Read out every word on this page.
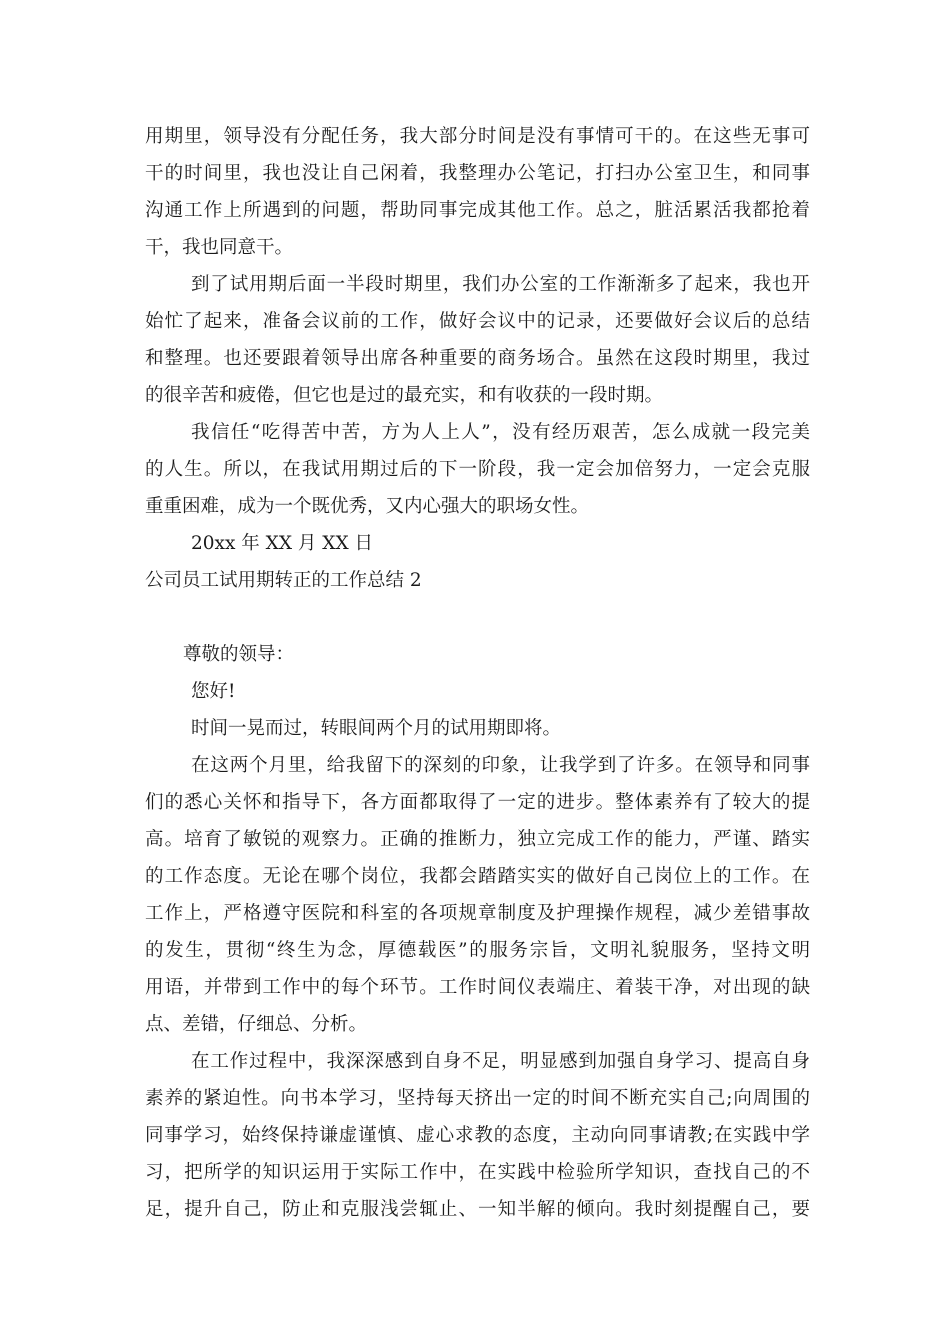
用期里，领导没有分配任务，我大部分时间是没有事情可干的。在这些无事可
干的时间里，我也没让自己闲着，我整理办公笔记，打扫办公室卫生，和同事
沟通工作上所遇到的问题，帮助同事完成其他工作。总之，脏活累活我都抢着
干，我也同意干。
到了试用期后面一半段时期里，我们办公室的工作渐渐多了起来，我也开
始忙了起来，准备会议前的工作，做好会议中的记录，还要做好会议后的总结
和整理。也还要跟着领导出席各种重要的商务场合。虽然在这段时期里，我过
的很辛苦和疲倦，但它也是过的最充实，和有收获的一段时期。
我信任“吃得苦中苦，方为人上人”，没有经历艰苦，怎么成就一段完美
的人生。所以，在我试用期过后的下一阶段，我一定会加倍努力，一定会克服
重重困难，成为一个既优秀，又内心强大的职场女性。
20xx 年 XX 月 XX 日
公司员工试用期转正的工作总结 2
尊敬的领导：
您好!
时间一晃而过，转眼间两个月的试用期即将。
在这两个月里，给我留下的深刻的印象，让我学到了许多。在领导和同事
们的悉心关怀和指导下，各方面都取得了一定的进步。整体素养有了较大的提
高。培育了敏锐的观察力。正确的推断力，独立完成工作的能力，严谨、踏实
的工作态度。无论在哪个岗位，我都会踏踏实实的做好自己岗位上的工作。在
工作上，严格遵守医院和科室的各项规章制度及护理操作规程，减少差错事故
的发生，贯彻“终生为念，厚德载医”的服务宗旨，文明礼貌服务，坚持文明
用语，并带到工作中的每个环节。工作时间仪表端庄、着装干净，对出现的缺
点、差错，仔细总、分析。
在工作过程中，我深深感到自身不足，明显感到加强自身学习、提高自身
素养的紧迫性。向书本学习，坚持每天挤出一定的时间不断充实自己;向周围的
同事学习，始终保持谦虚谨慎、虚心求教的态度，主动向同事请教;在实践中学
习，把所学的知识运用于实际工作中，在实践中检验所学知识，查找自己的不
足，提升自己，防止和克服浅尝辄止、一知半解的倾向。我时刻提醒自己，要
